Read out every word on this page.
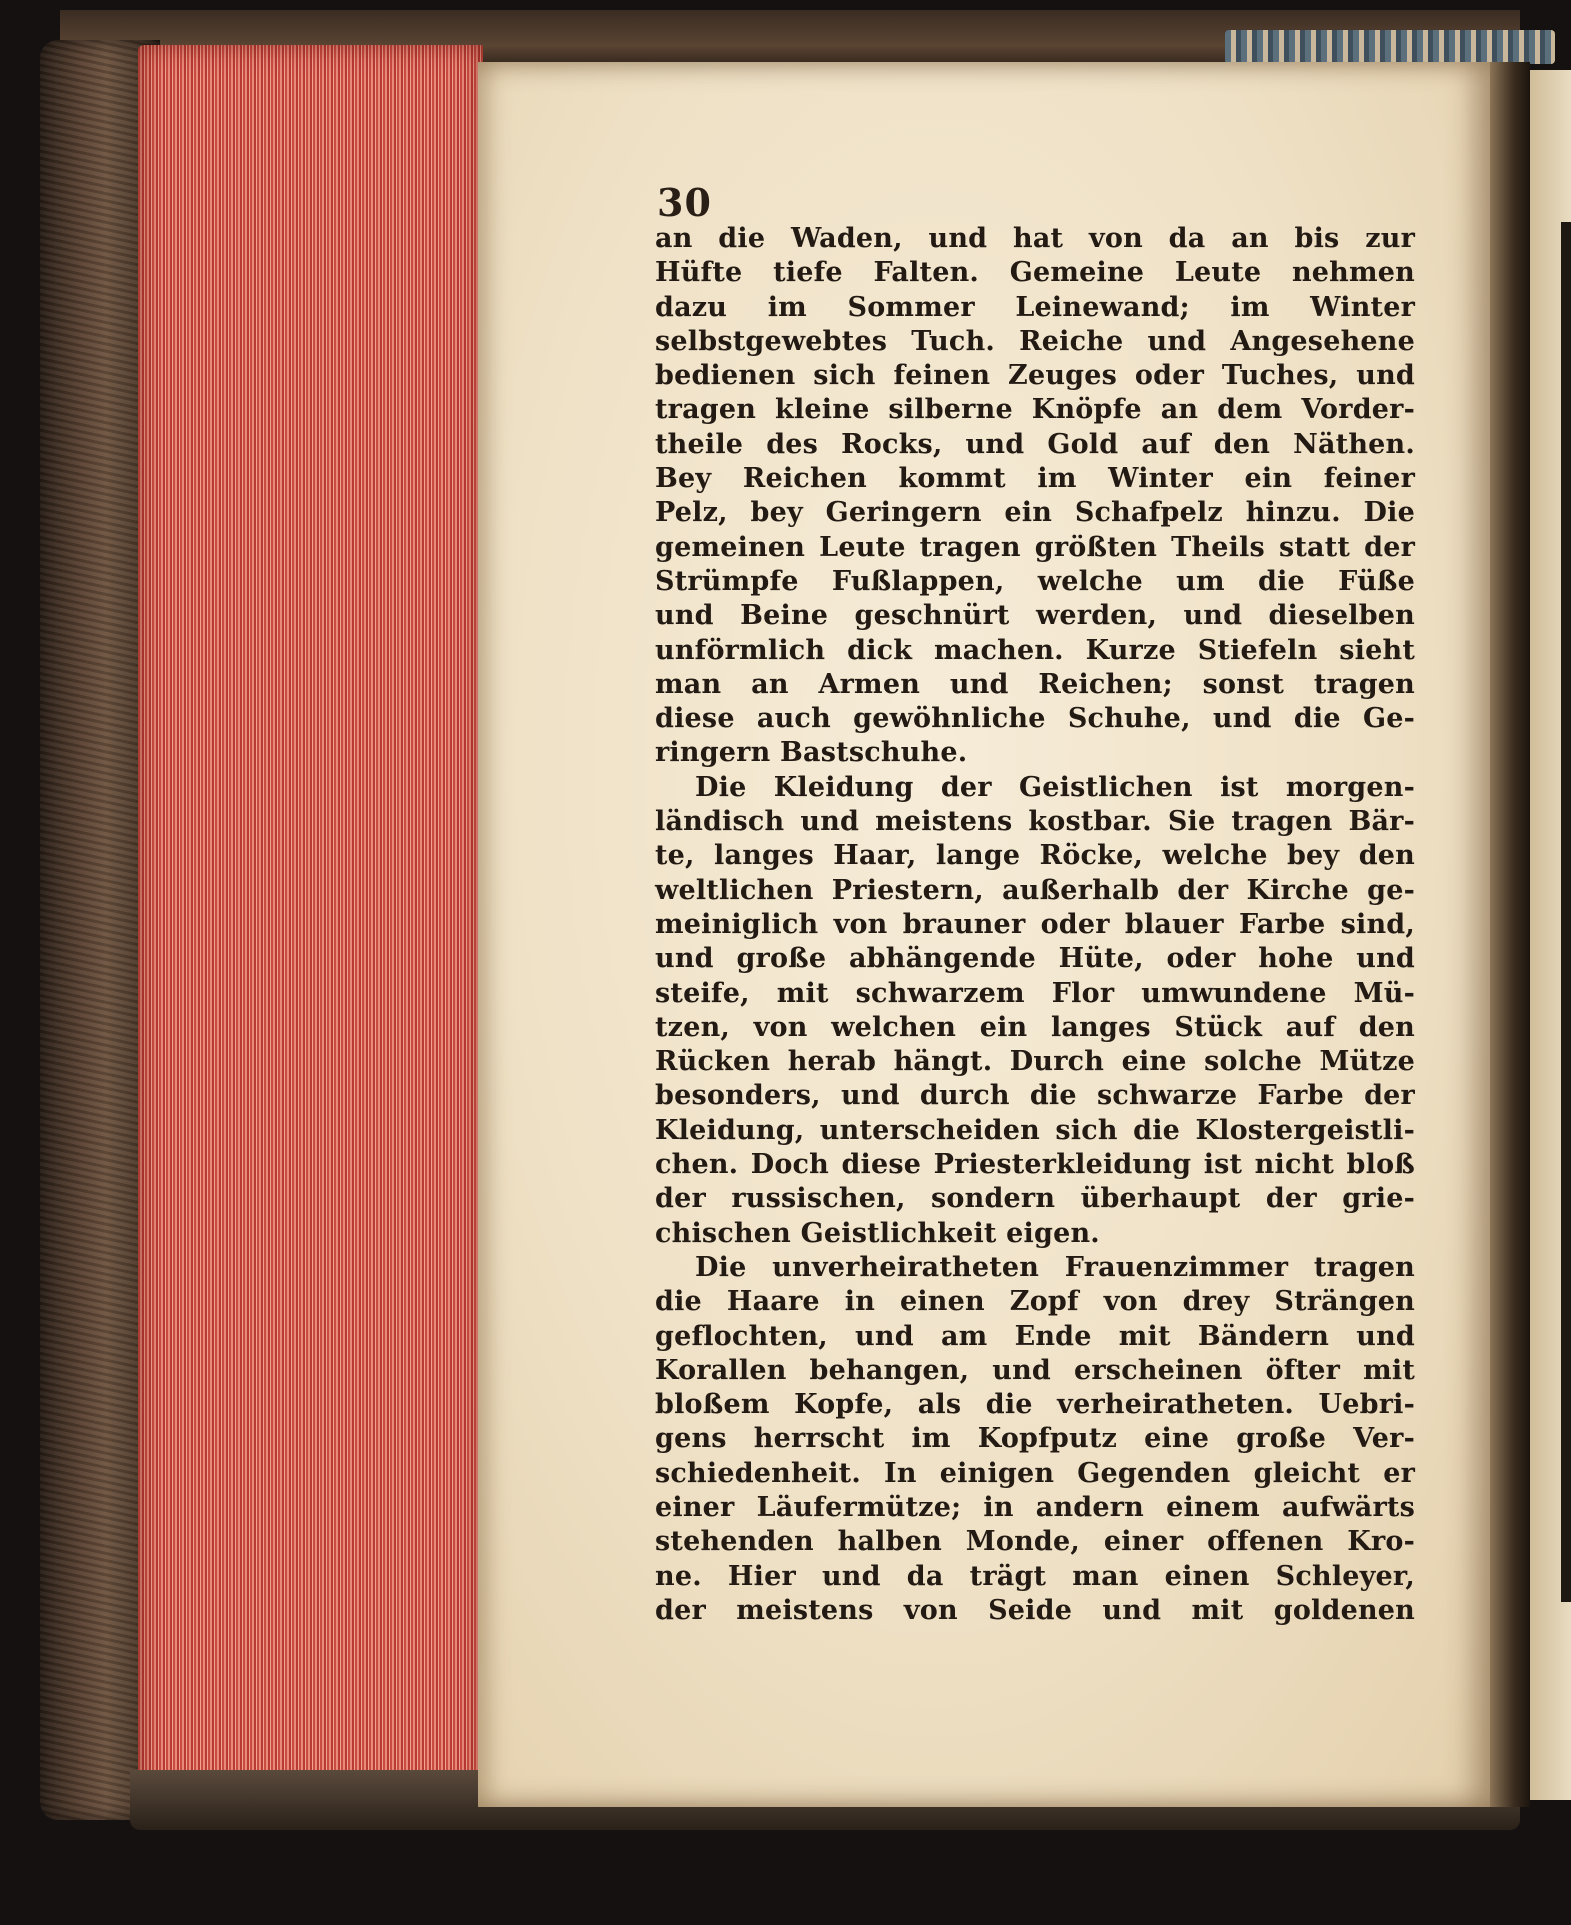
30
an die Waden, und hat von da an bis zur
Hüfte tiefe Falten. Gemeine Leute nehmen
dazu im Sommer Leinewand; im Winter
selbstgewebtes Tuch. Reiche und Angesehene
bedienen sich feinen Zeuges oder Tuches, und
tragen kleine silberne Knöpfe an dem Vorder-
theile des Rocks, und Gold auf den Näthen.
Bey Reichen kommt im Winter ein feiner
Pelz, bey Geringern ein Schafpelz hinzu. Die
gemeinen Leute tragen größten Theils statt der
Strümpfe Fußlappen, welche um die Füße
und Beine geschnürt werden, und dieselben
unförmlich dick machen. Kurze Stiefeln sieht
man an Armen und Reichen; sonst tragen
diese auch gewöhnliche Schuhe, und die Ge-
ringern Bastschuhe.
Die Kleidung der Geistlichen ist morgen-
ländisch und meistens kostbar. Sie tragen Bär-
te, langes Haar, lange Röcke, welche bey den
weltlichen Priestern, außerhalb der Kirche ge-
meiniglich von brauner oder blauer Farbe sind,
und große abhängende Hüte, oder hohe und
steife, mit schwarzem Flor umwundene Mü-
tzen, von welchen ein langes Stück auf den
Rücken herab hängt. Durch eine solche Mütze
besonders, und durch die schwarze Farbe der
Kleidung, unterscheiden sich die Klostergeistli-
chen. Doch diese Priesterkleidung ist nicht bloß
der russischen, sondern überhaupt der grie-
chischen Geistlichkeit eigen.
Die unverheiratheten Frauenzimmer tragen
die Haare in einen Zopf von drey Strängen
geflochten, und am Ende mit Bändern und
Korallen behangen, und erscheinen öfter mit
bloßem Kopfe, als die verheiratheten. Uebri-
gens herrscht im Kopfputz eine große Ver-
schiedenheit. In einigen Gegenden gleicht er
einer Läufermütze; in andern einem aufwärts
stehenden halben Monde, einer offenen Kro-
ne. Hier und da trägt man einen Schleyer,
der meistens von Seide und mit goldenen
